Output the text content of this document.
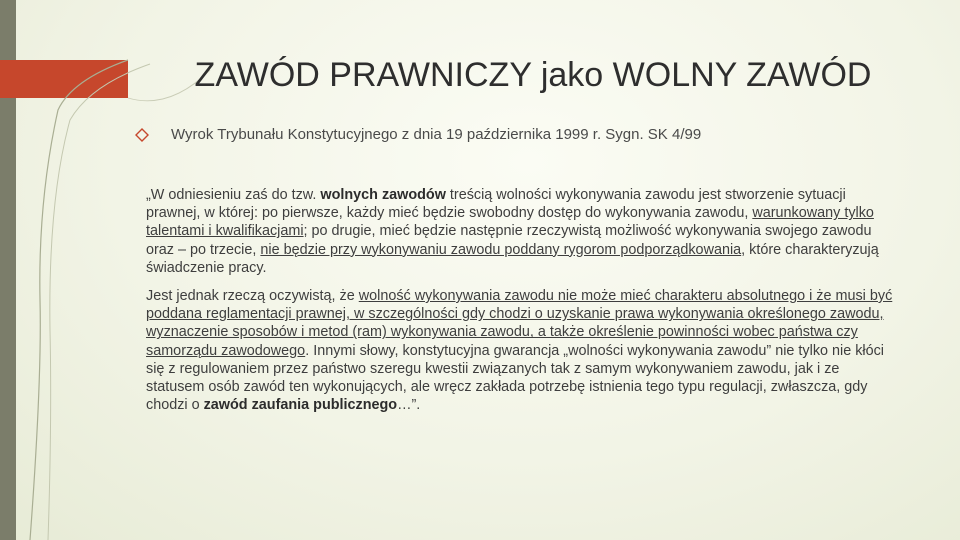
ZAWÓD PRAWNICZY jako WOLNY ZAWÓD
Wyrok Trybunału Konstytucyjnego z dnia 19 października 1999 r. Sygn. SK 4/99

„W odniesieniu zaś do tzw. wolnych zawodów treścią wolności wykonywania zawodu jest stworzenie sytuacji prawnej, w której: po pierwsze, każdy mieć będzie swobodny dostęp do wykonywania zawodu, warunkowany tylko talentami i kwalifikacjami; po drugie, mieć będzie następnie rzeczywistą możliwość wykonywania swojego zawodu oraz – po trzecie, nie będzie przy wykonywaniu zawodu poddany rygorom podporządkowania, które charakteryzują świadczenie pracy.

Jest jednak rzeczą oczywistą, że wolność wykonywania zawodu nie może mieć charakteru absolutnego i że musi być poddana reglamentacji prawnej, w szczególności gdy chodzi o uzyskanie prawa wykonywania określonego zawodu, wyznaczenie sposobów i metod (ram) wykonywania zawodu, a także określenie powinności wobec państwa czy samorządu zawodowego. Innymi słowy, konstytucyjna gwarancja „wolności wykonywania zawodu” nie tylko nie kłóci się z regulowaniem przez państwo szeregu kwestii związanych tak z samym wykonywaniem zawodu, jak i ze statusem osób zawód ten wykonujących, ale wręcz zakłada potrzebę istnienia tego typu regulacji, zwłaszcza, gdy chodzi o zawód zaufania publicznego…”.
